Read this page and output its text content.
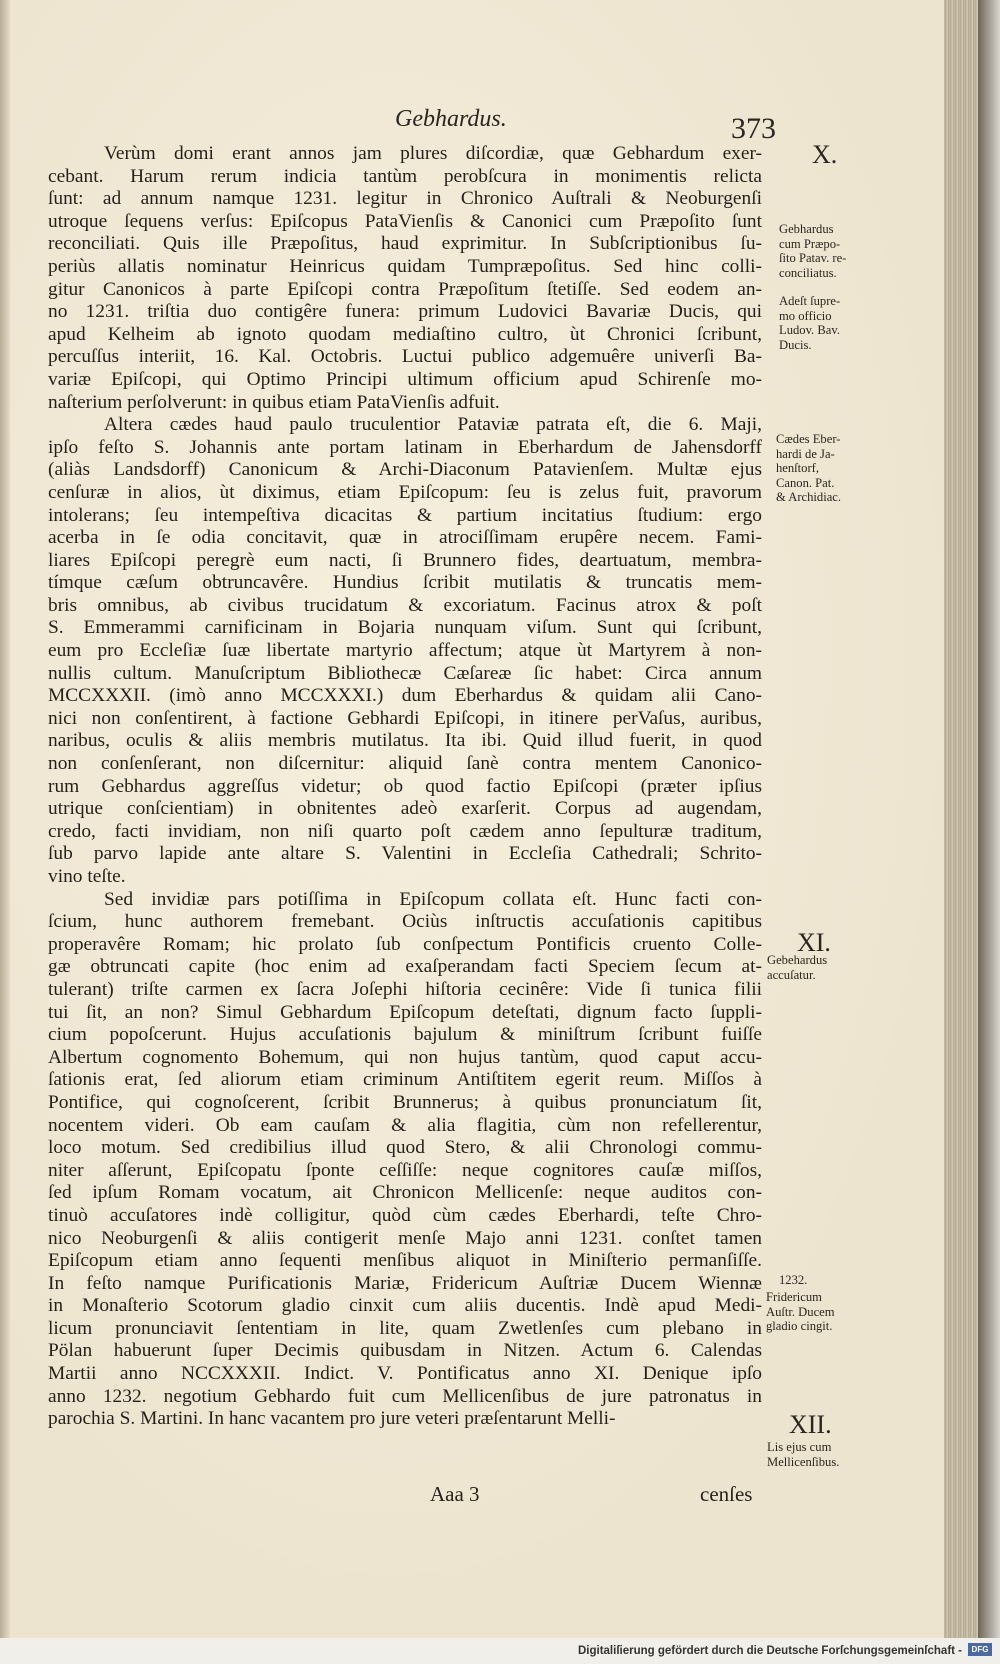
Gebhardus.	373
Verùm domi erant annos jam plures diſcordiæ, quæ Gebhardum exer-
cebant. Harum rerum indicia tantùm perobſcura in monimentis relicta
ſunt: ad annum namque 1231. legitur in Chronico Auſtrali & Neoburgenſi
utroque ſequens verſus: Epiſcopus PataVienſis & Canonici cum Præpoſito ſunt
reconciliati. Quis ille Præpoſitus, haud exprimitur. In Subſcriptionibus ſu-
periùs allatis nominatur Heinricus quidam Tumpræpoſitus. Sed hinc colli-
gitur Canonicos à parte Epiſcopi contra Præpoſitum ſtetiſſe. Sed eodem an-
no 1231. triſtia duo contigêre funera: primum Ludovici Bavariæ Ducis, qui
apud Kelheim ab ignoto quodam mediaſtino cultro, ùt Chronici ſcribunt,
percuſſus interiit, 16. Kal. Octobris. Luctui publico adgemuêre univerſi Ba-
variæ Epiſcopi, qui Optimo Principi ultimum officium apud Schirenſe mo-
naſterium perſolverunt: in quibus etiam PataVienſis adfuit.
Altera cædes haud paulo truculentior Pataviæ patrata eſt, die 6. Maji,
ipſo feſto S. Johannis ante portam latinam in Eberhardum de Jahensdorff
(aliàs Landsdorff) Canonicum & Archi-Diaconum Patavienſem. Multæ ejus
cenſuræ in alios, ùt diximus, etiam Epiſcopum: ſeu is zelus fuit, pravorum
intolerans; ſeu intempeſtiva dicacitas & partium incitatius ſtudium: ergo
acerba in ſe odia concitavit, quæ in atrociſſimam erupêre necem. Fami-
liares Epiſcopi peregrè eum nacti, ſi Brunnero fides, deartuatum, membra-
tímque cæſum obtruncavêre. Hundius ſcribit mutilatis & truncatis mem-
bris omnibus, ab civibus trucidatum & excoriatum. Facinus atrox & poſt
S. Emmerammi carnificinam in Bojaria nunquam viſum. Sunt qui ſcribunt,
eum pro Eccleſiæ ſuæ libertate martyrio affectum; atque ùt Martyrem à non-
nullis cultum. Manuſcriptum Bibliothecæ Cæſareæ ſic habet: Circa annum
MCCXXXII. (imò anno MCCXXXI.) dum Eberhardus & quidam alii Cano-
nici non conſentirent, à factione Gebhardi Epiſcopi, in itinere perVaſus, auribus,
naribus, oculis & aliis membris mutilatus. Ita ibi. Quid illud fuerit, in quod
non conſenſerant, non diſcernitur: aliquid ſanè contra mentem Canonico-
rum Gebhardus aggreſſus videtur; ob quod factio Epiſcopi (præter ipſius
utrique conſcientiam) in obnitentes adeò exarſerit. Corpus ad augendam,
credo, facti invidiam, non niſi quarto poſt cædem anno ſepulturæ traditum,
ſub parvo lapide ante altare S. Valentini in Eccleſia Cathedrali; Schrito-
vino teſte.
Sed invidiæ pars potiſſima in Epiſcopum collata eſt. Hunc facti con-
ſcium, hunc authorem fremebant. Ociùs inſtructis accuſationis capitibus
properavêre Romam; hic prolato ſub conſpectum Pontificis cruento Colle-
gæ obtruncati capite (hoc enim ad exaſperandam facti Speciem ſecum at-
tulerant) triſte carmen ex ſacra Joſephi hiſtoria cecinêre: Vide ſi tunica filii
tui ſit, an non? Simul Gebhardum Epiſcopum deteſtati, dignum facto ſuppli-
cium popoſcerunt. Hujus accuſationis bajulum & miniſtrum ſcribunt fuiſſe
Albertum cognomento Bohemum, qui non hujus tantùm, quod caput accu-
ſationis erat, ſed aliorum etiam criminum Antiſtitem egerit reum. Miſſos à
Pontifice, qui cognoſcerent, ſcribit Brunnerus; à quibus pronunciatum ſit,
nocentem videri. Ob eam cauſam & alia flagitia, cùm non refellerentur,
loco motum. Sed credibilius illud quod Stero, & alii Chronologi commu-
niter aſſerunt, Epiſcopatu ſponte ceſſiſſe: neque cognitores cauſæ miſſos,
ſed ipſum Romam vocatum, ait Chronicon Mellicenſe: neque auditos con-
tinuò accuſatores indè colligitur, quòd cùm cædes Eberhardi, teſte Chro-
nico Neoburgenſi & aliis contigerit menſe Majo anni 1231. conſtet tamen
Epiſcopum etiam anno ſequenti menſibus aliquot in Miniſterio permanſiſſe.
In feſto namque Purificationis Mariæ, Fridericum Auſtriæ Ducem Wiennæ
in Monaſterio Scotorum gladio cinxit cum aliis ducentis. Indè apud Medi-
licum pronunciavit ſententiam in lite, quam Zwetlenſes cum plebano in
Pölan habuerunt ſuper Decimis quibusdam in Nitzen. Actum 6. Calendas
Martii anno NCCXXXII. Indict. V. Pontificatus anno XI. Denique ipſo
anno 1232. negotium Gebhardo fuit cum Mellicenſibus de jure patronatus in
parochia S. Martini. In hanc vacantem pro jure veteri præſentarunt Melli-
Aaa 3	cenſes
X.
Gebhardus
cum Præpo-
ſito Patav. re-
conciliatus.
Adeſt ſupre-
mo officio
Ludov. Bav.
Ducis.
Cædes Eber-
hardi de Ja-
henſtorf,
Canon. Pat.
& Archidiac.
XI.
Gebehardus
accuſatur.
1232.
Fridericum
Auſtr. Ducem
gladio cingit.
XII.
Lis ejus cum
Mellicenſibus.
Digitaliſierung gefördert durch die Deutsche Forſchungsgemeinſchaft -	DFG
